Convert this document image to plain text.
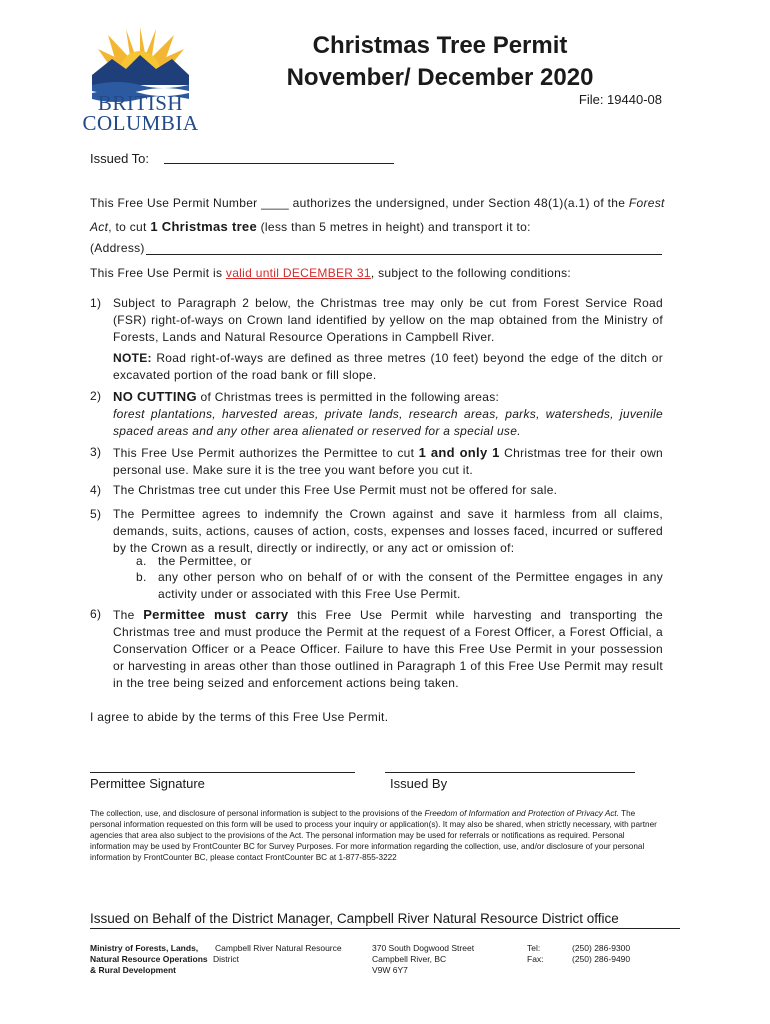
BRITISH
COLUMBIA
Christmas Tree Permit
November/ December 2020
File: 19440-08
Issued To:
This Free Use Permit Number ____ authorizes the undersigned, under Section 48(1)(a.1) of the Forest
Act, to cut 1 Christmas tree (less than 5 metres in height) and transport it to:
(Address)
This Free Use Permit is valid until DECEMBER 31, subject to the following conditions:
1) Subject to Paragraph 2 below, the Christmas tree may only be cut from Forest Service Road (FSR) right-of-ways on Crown land identified by yellow on the map obtained from the Ministry of Forests, Lands and Natural Resource Operations in Campbell River.
NOTE: Road right-of-ways are defined as three metres (10 feet) beyond the edge of the ditch or excavated portion of the road bank or fill slope.
2) NO CUTTING of Christmas trees is permitted in the following areas:
forest plantations, harvested areas, private lands, research areas, parks, watersheds, juvenile spaced areas and any other area alienated or reserved for a special use.
3) This Free Use Permit authorizes the Permittee to cut 1 and only 1 Christmas tree for their own personal use. Make sure it is the tree you want before you cut it.
4) The Christmas tree cut under this Free Use Permit must not be offered for sale.
5) The Permittee agrees to indemnify the Crown against and save it harmless from all claims, demands, suits, actions, causes of action, costs, expenses and losses faced, incurred or suffered by the Crown as a result, directly or indirectly, or any act or omission of:
a. the Permittee, or
b. any other person who on behalf of or with the consent of the Permittee engages in any activity under or associated with this Free Use Permit.
6) The Permittee must carry this Free Use Permit while harvesting and transporting the Christmas tree and must produce the Permit at the request of a Forest Officer, a Forest Official, a Conservation Officer or a Peace Officer. Failure to have this Free Use Permit in your possession or harvesting in areas other than those outlined in Paragraph 1 of this Free Use Permit may result in the tree being seized and enforcement actions being taken.
I agree to abide by the terms of this Free Use Permit.
Permittee Signature	Issued By
The collection, use, and disclosure of personal information is subject to the provisions of the Freedom of Information and Protection of Privacy Act. The personal information requested on this form will be used to process your inquiry or application(s). It may also be shared, when strictly necessary, with partner agencies that area also subject to the provisions of the Act. The personal information may be used for referrals or notifications as required. Personal information may be used by FrontCounter BC for Survey Purposes. For more information regarding the collection, use, and/or disclosure of your personal information by FrontCounter BC, please contact FrontCounter BC at 1-877-855-3222
Issued on Behalf of the District Manager, Campbell River Natural Resource District office
Ministry of Forests, Lands,
Natural Resource Operations
& Rural Development
Campbell River Natural Resource
District
370 South Dogwood Street
Campbell River, BC
V9W 6Y7
Tel:
Fax:
(250) 286-9300
(250) 286-9490
